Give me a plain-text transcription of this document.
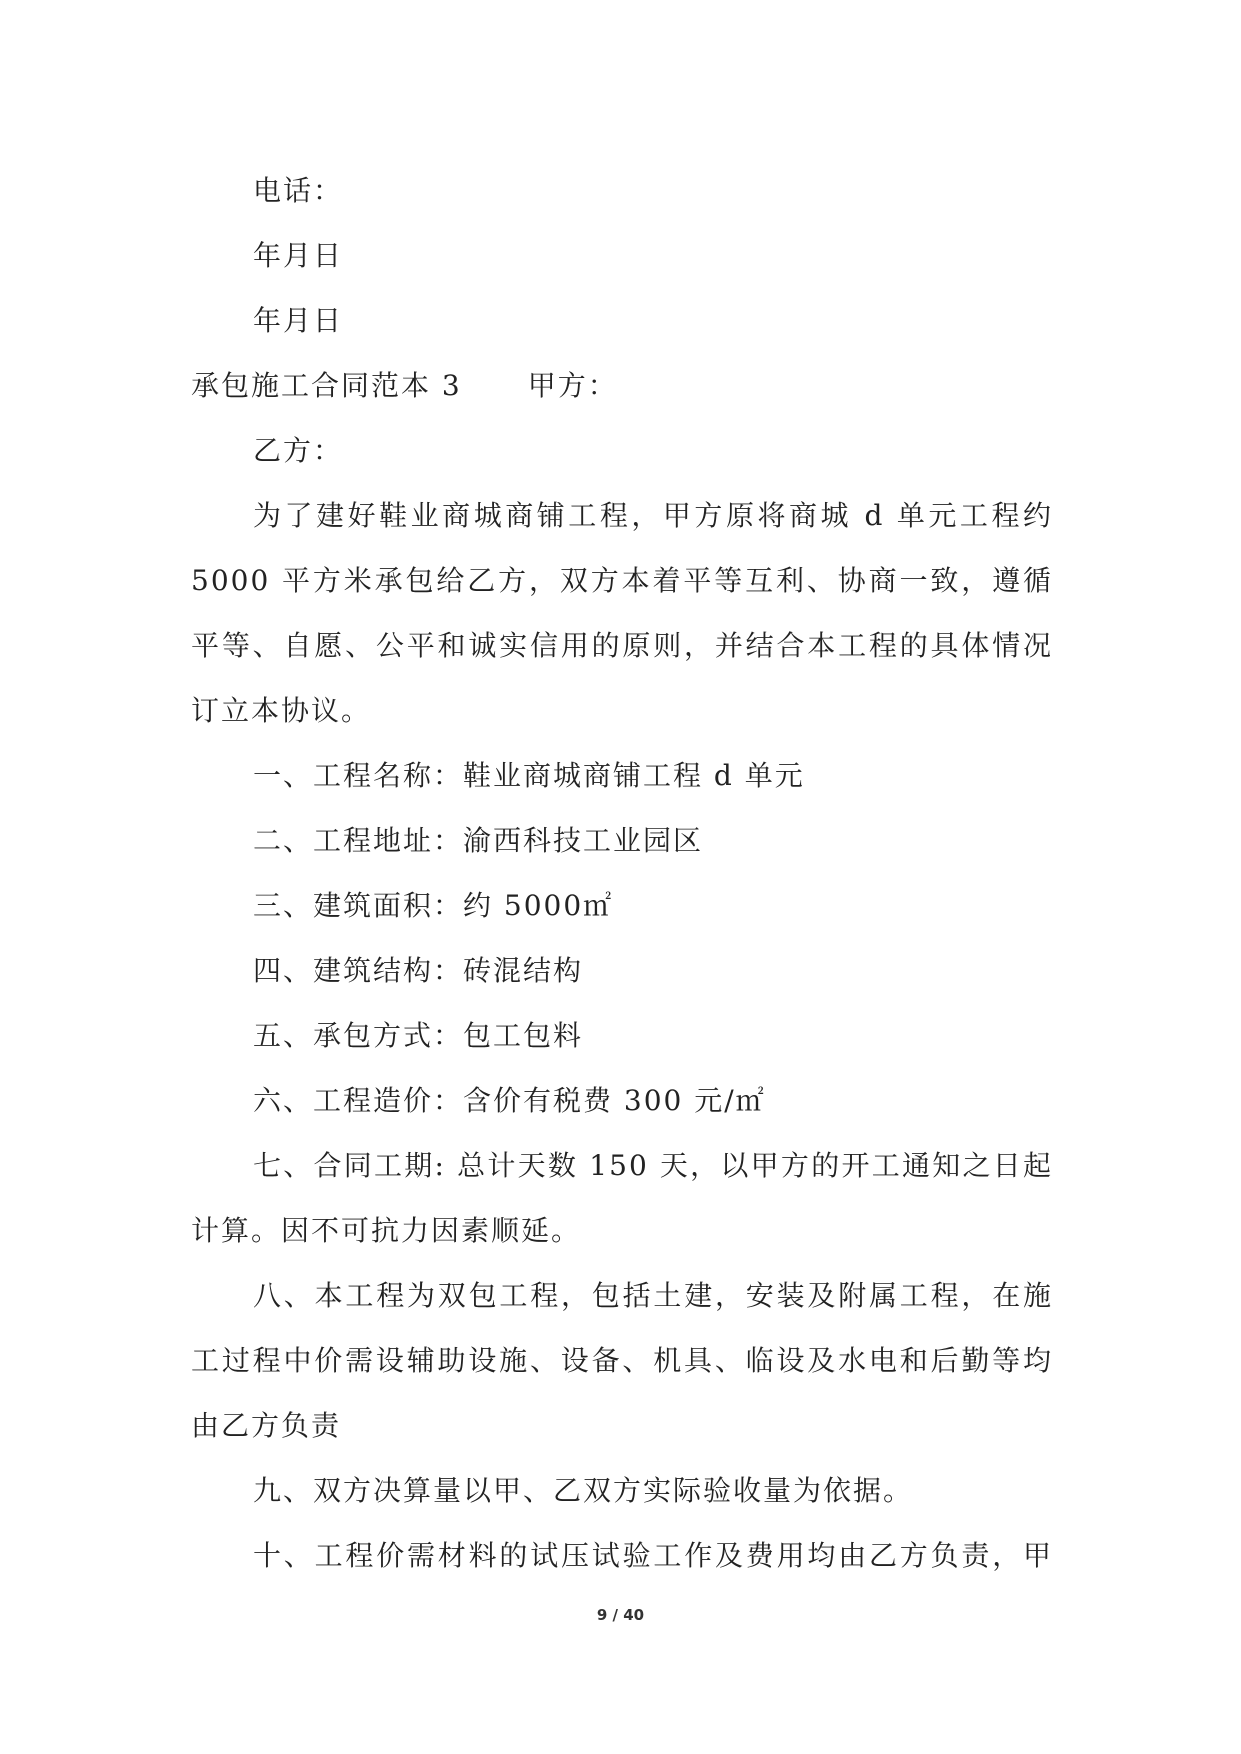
电话：
年月日
年月日
承包施工合同范本 3 甲方：
乙方：
为了建好鞋业商城商铺工程，甲方原将商城 d 单元工程约
5000 平方米承包给乙方，双方本着平等互利、协商一致，遵循
平等、自愿、公平和诚实信用的原则，并结合本工程的具体情况
订立本协议。
一、工程名称：鞋业商城商铺工程 d 单元
二、工程地址：渝西科技工业园区
三、建筑面积：约 5000㎡
四、建筑结构：砖混结构
五、承包方式：包工包料
六、工程造价：含价有税费 300 元/㎡
七、合同工期: 总计天数 150 天，以甲方的开工通知之日起
计算。因不可抗力因素顺延。
八、本工程为双包工程，包括土建，安装及附属工程，在施
工过程中价需设辅助设施、设备、机具、临设及水电和后勤等均
由乙方负责
九、双方决算量以甲、乙双方实际验收量为依据。
十、工程价需材料的试压试验工作及费用均由乙方负责，甲
9 / 40
